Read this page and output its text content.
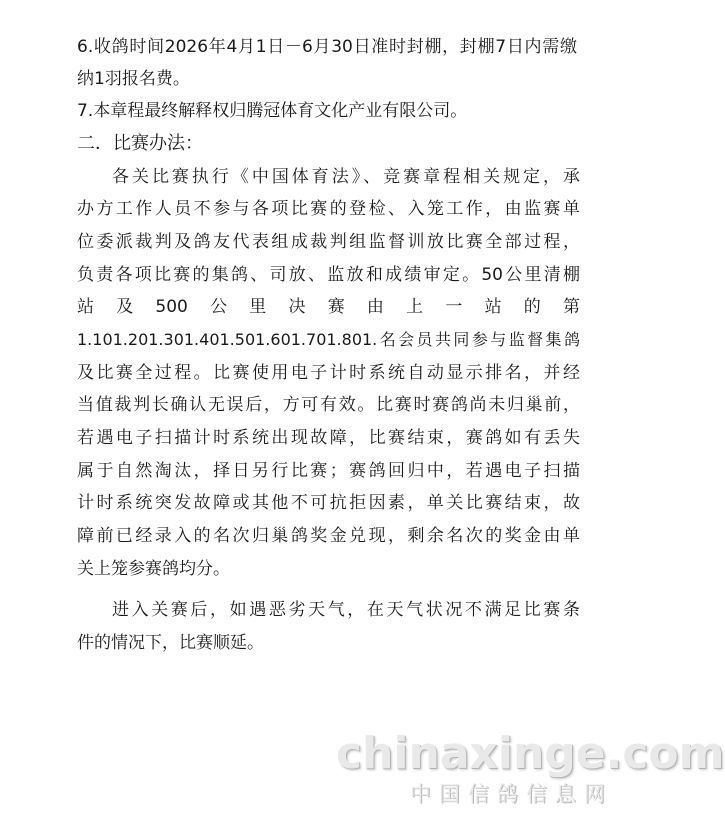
6.收鸽时间2026年4月1日－6月30日准时封棚，封棚7日内需缴
纳1羽报名费。
7.本章程最终解释权归腾冠体育文化产业有限公司。
二．比赛办法：
各关比赛执行《中国体育法》、竞赛章程相关规定，承
办方工作人员不参与各项比赛的登检、入笼工作，由监赛单
位委派裁判及鸽友代表组成裁判组监督训放比赛全部过程，
负责各项比赛的集鸽、司放、监放和成绩审定。50公里清棚
站　及　500　公　里　决　赛　由　上　一　站　的　第
1.101.201.301.401.501.601.701.801.名会员共同参与监督集鸽
及比赛全过程。比赛使用电子计时系统自动显示排名，并经
当值裁判长确认无误后，方可有效。比赛时赛鸽尚未归巢前，
若遇电子扫描计时系统出现故障，比赛结束，赛鸽如有丢失
属于自然淘汰，择日另行比赛；赛鸽回归中，若遇电子扫描
计时系统突发故障或其他不可抗拒因素，单关比赛结束，故
障前已经录入的名次归巢鸽奖金兑现，剩余名次的奖金由单
关上笼参赛鸽均分。
进入关赛后，如遇恶劣天气，在天气状况不满足比赛条
件的情况下，比赛顺延。
chinaxinge.com
中国信鸽信息网
